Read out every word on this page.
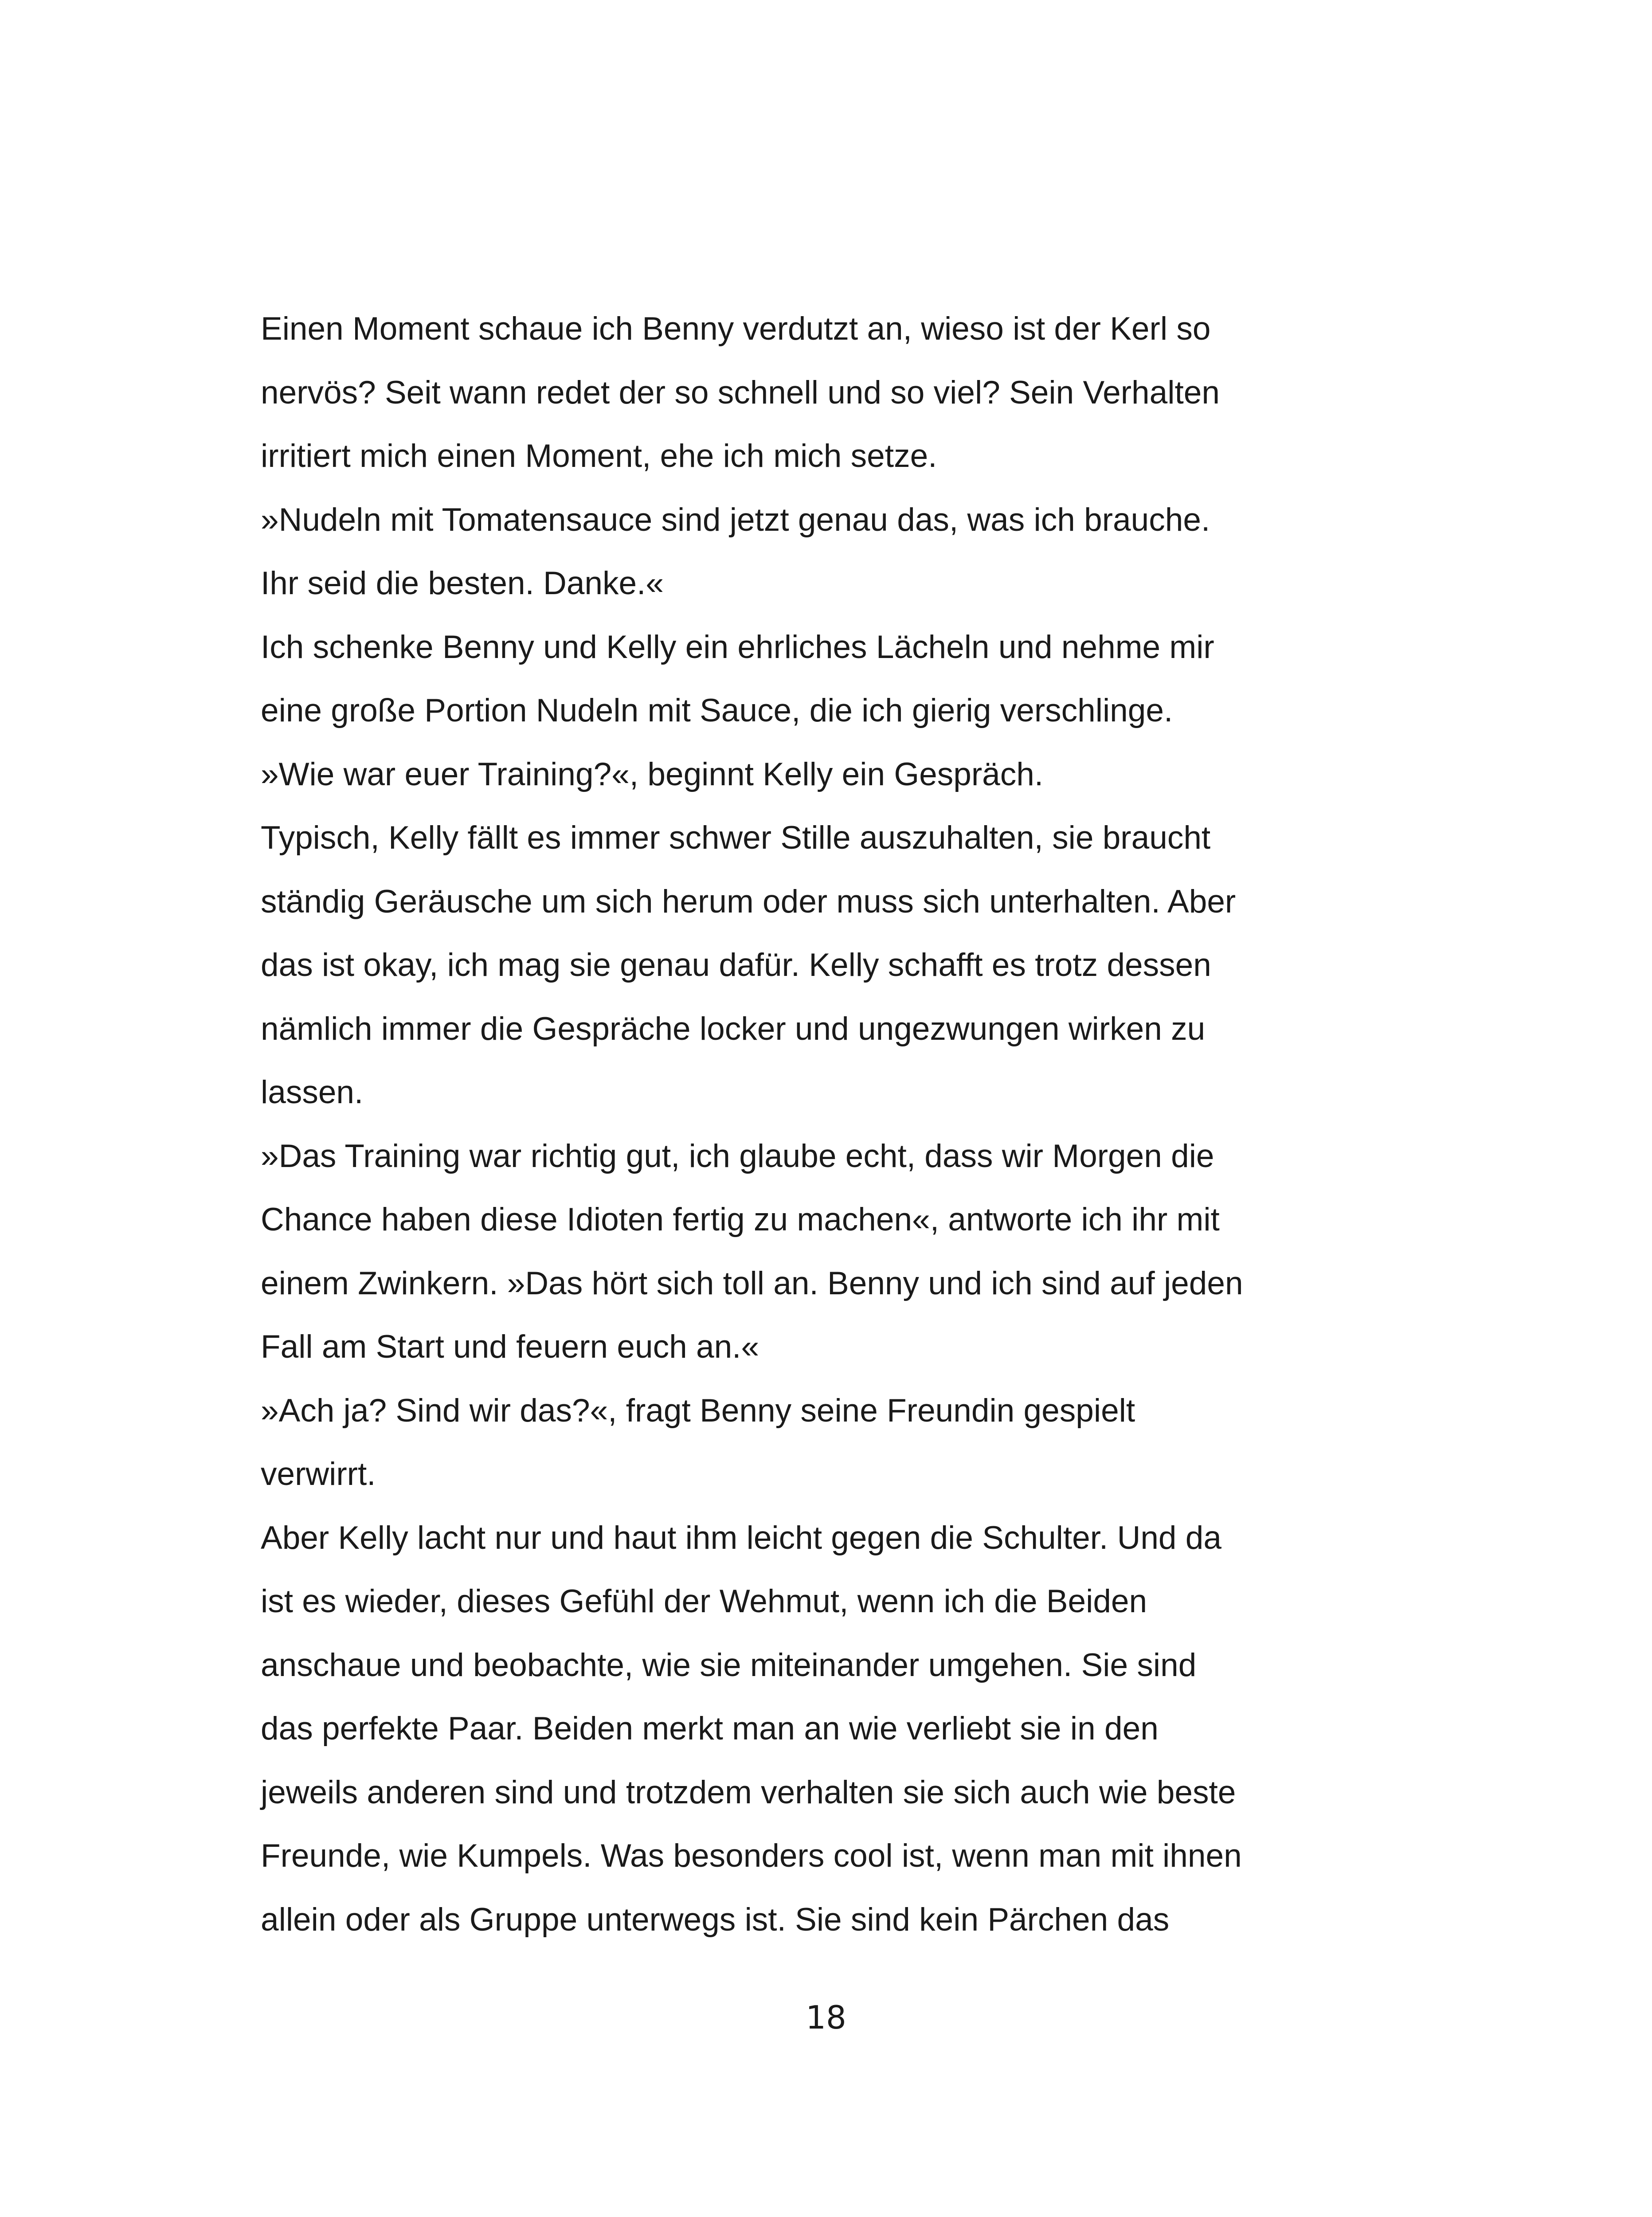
Einen Moment schaue ich Benny verdutzt an, wieso ist der Kerl so
nervös? Seit wann redet der so schnell und so viel? Sein Verhalten
irritiert mich einen Moment, ehe ich mich setze.
»Nudeln mit Tomatensauce sind jetzt genau das, was ich brauche.
Ihr seid die besten. Danke.«
Ich schenke Benny und Kelly ein ehrliches Lächeln und nehme mir
eine große Portion Nudeln mit Sauce, die ich gierig verschlinge.
»Wie war euer Training?«, beginnt Kelly ein Gespräch.
Typisch, Kelly fällt es immer schwer Stille auszuhalten, sie braucht
ständig Geräusche um sich herum oder muss sich unterhalten. Aber
das ist okay, ich mag sie genau dafür. Kelly schafft es trotz dessen
nämlich immer die Gespräche locker und ungezwungen wirken zu
lassen.
»Das Training war richtig gut, ich glaube echt, dass wir Morgen die
Chance haben diese Idioten fertig zu machen«, antworte ich ihr mit
einem Zwinkern. »Das hört sich toll an. Benny und ich sind auf jeden
Fall am Start und feuern euch an.«
»Ach ja? Sind wir das?«, fragt Benny seine Freundin gespielt
verwirrt.
Aber Kelly lacht nur und haut ihm leicht gegen die Schulter. Und da
ist es wieder, dieses Gefühl der Wehmut, wenn ich die Beiden
anschaue und beobachte, wie sie miteinander umgehen. Sie sind
das perfekte Paar. Beiden merkt man an wie verliebt sie in den
jeweils anderen sind und trotzdem verhalten sie sich auch wie beste
Freunde, wie Kumpels. Was besonders cool ist, wenn man mit ihnen
allein oder als Gruppe unterwegs ist. Sie sind kein Pärchen das
18
